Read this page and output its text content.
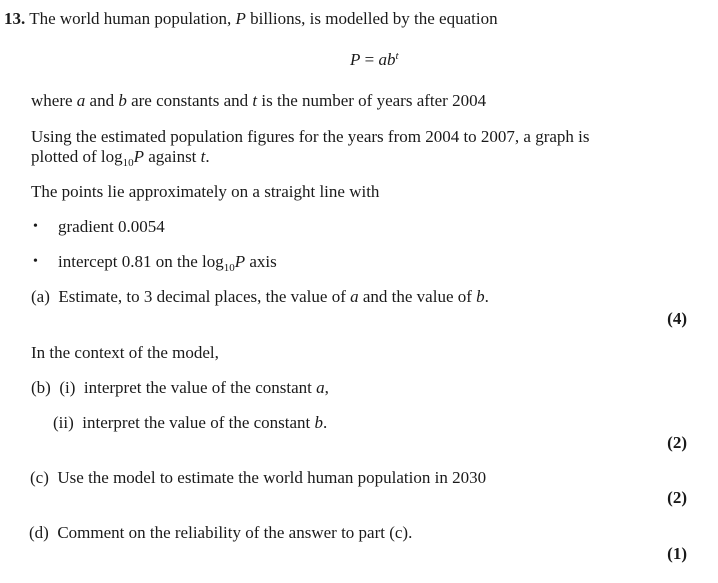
13. The world human population, P billions, is modelled by the equation
$P = ab^t$
where a and b are constants and t is the number of years after 2004
Using the estimated population figures for the years from 2004 to 2007, a graph is
plotted of $\log_{10}P$ against t.
The points lie approximately on a straight line with
• gradient 0.0054
• intercept 0.81 on the $\log_{10}P$ axis
(a) Estimate, to 3 decimal places, the value of a and the value of b.
(4)
In the context of the model,
(b) (i) interpret the value of the constant a,
(ii) interpret the value of the constant b.
(2)
(c) Use the model to estimate the world human population in 2030
(2)
(d) Comment on the reliability of the answer to part (c).
(1)
